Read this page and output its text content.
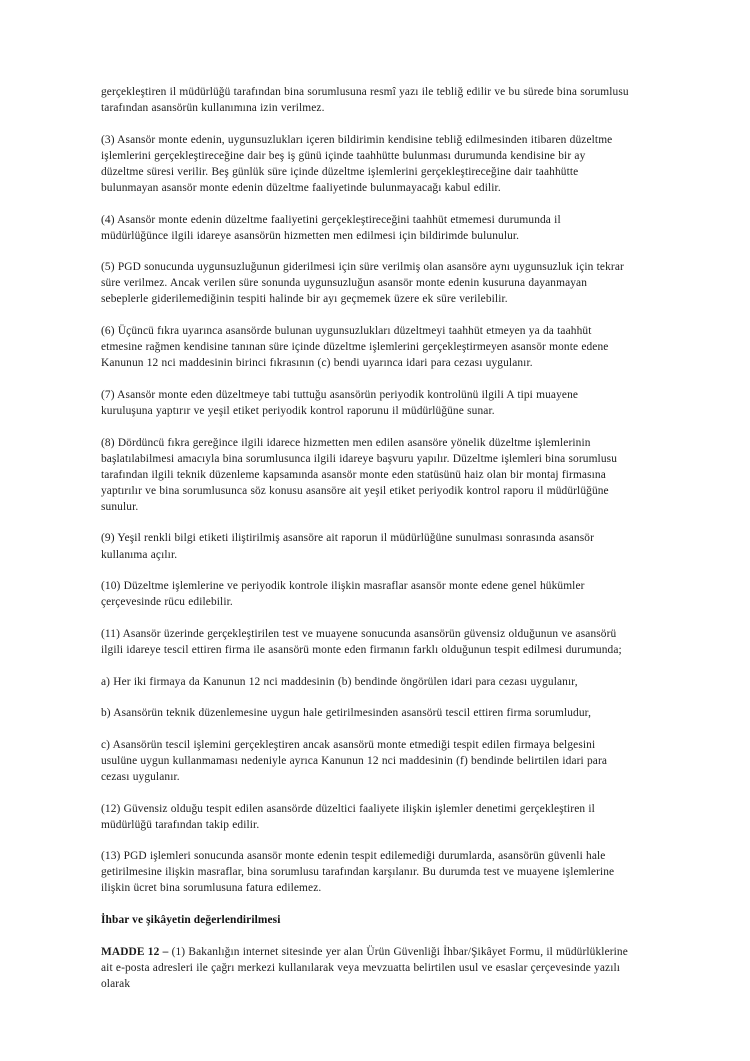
gerçekleştiren il müdürlüğü tarafından bina sorumlusuna resmî yazı ile tebliğ edilir ve bu sürede bina sorumlusu tarafından asansörün kullanımına izin verilmez.

(3) Asansör monte edenin, uygunsuzlukları içeren bildirimin kendisine tebliğ edilmesinden itibaren düzeltme işlemlerini gerçekleştireceğine dair beş iş günü içinde taahhütte bulunması durumunda kendisine bir ay düzeltme süresi verilir. Beş günlük süre içinde düzeltme işlemlerini gerçekleştireceğine dair taahhütte bulunmayan asansör monte edenin düzeltme faaliyetinde bulunmayacağı kabul edilir.

(4) Asansör monte edenin düzeltme faaliyetini gerçekleştireceğini taahhüt etmemesi durumunda il müdürlüğünce ilgili idareye asansörün hizmetten men edilmesi için bildirimde bulunulur.

(5) PGD sonucunda uygunsuzluğunun giderilmesi için süre verilmiş olan asansöre aynı uygunsuzluk için tekrar süre verilmez. Ancak verilen süre sonunda uygunsuzluğun asansör monte edenin kusuruna dayanmayan sebeplerle giderilemediğinin tespiti halinde bir ayı geçmemek üzere ek süre verilebilir.

(6) Üçüncü fıkra uyarınca asansörde bulunan uygunsuzlukları düzeltmeyi taahhüt etmeyen ya da taahhüt etmesine rağmen kendisine tanınan süre içinde düzeltme işlemlerini gerçekleştirmeyen asansör monte edene Kanunun 12 nci maddesinin birinci fıkrasının (c) bendi uyarınca idari para cezası uygulanır.

(7) Asansör monte eden düzeltmeye tabi tuttuğu asansörün periyodik kontrolünü ilgili A tipi muayene kuruluşuna yaptırır ve yeşil etiket periyodik kontrol raporunu il müdürlüğüne sunar.

(8) Dördüncü fıkra gereğince ilgili idarece hizmetten men edilen asansöre yönelik düzeltme işlemlerinin başlatılabilmesi amacıyla bina sorumlusunca ilgili idareye başvuru yapılır. Düzeltme işlemleri bina sorumlusu tarafından ilgili teknik düzenleme kapsamında asansör monte eden statüsünü haiz olan bir montaj firmasına yaptırılır ve bina sorumlusunca söz konusu asansöre ait yeşil etiket periyodik kontrol raporu il müdürlüğüne sunulur.

(9) Yeşil renkli bilgi etiketi iliştirilmiş asansöre ait raporun il müdürlüğüne sunulması sonrasında asansör kullanıma açılır.

(10) Düzeltme işlemlerine ve periyodik kontrole ilişkin masraflar asansör monte edene genel hükümler çerçevesinde rücu edilebilir.

(11) Asansör üzerinde gerçekleştirilen test ve muayene sonucunda asansörün güvensiz olduğunun ve asansörü ilgili idareye tescil ettiren firma ile asansörü monte eden firmanın farklı olduğunun tespit edilmesi durumunda;

a) Her iki firmaya da Kanunun 12 nci maddesinin (b) bendinde öngörülen idari para cezası uygulanır,

b) Asansörün teknik düzenlemesine uygun hale getirilmesinden asansörü tescil ettiren firma sorumludur,

c) Asansörün tescil işlemini gerçekleştiren ancak asansörü monte etmediği tespit edilen firmaya belgesini usulüne uygun kullanmaması nedeniyle ayrıca Kanunun 12 nci maddesinin (f) bendinde belirtilen idari para cezası uygulanır.

(12) Güvensiz olduğu tespit edilen asansörde düzeltici faaliyete ilişkin işlemler denetimi gerçekleştiren il müdürlüğü tarafından takip edilir.

(13) PGD işlemleri sonucunda asansör monte edenin tespit edilemediği durumlarda, asansörün güvenli hale getirilmesine ilişkin masraflar, bina sorumlusu tarafından karşılanır. Bu durumda test ve muayene işlemlerine ilişkin ücret bina sorumlusuna fatura edilemez.

İhbar ve şikâyetin değerlendirilmesi

MADDE 12 – (1) Bakanlığın internet sitesinde yer alan Ürün Güvenliği İhbar/Şikâyet Formu, il müdürlüklerine ait e-posta adresleri ile çağrı merkezi kullanılarak veya mevzuatta belirtilen usul ve esaslar çerçevesinde yazılı olarak
